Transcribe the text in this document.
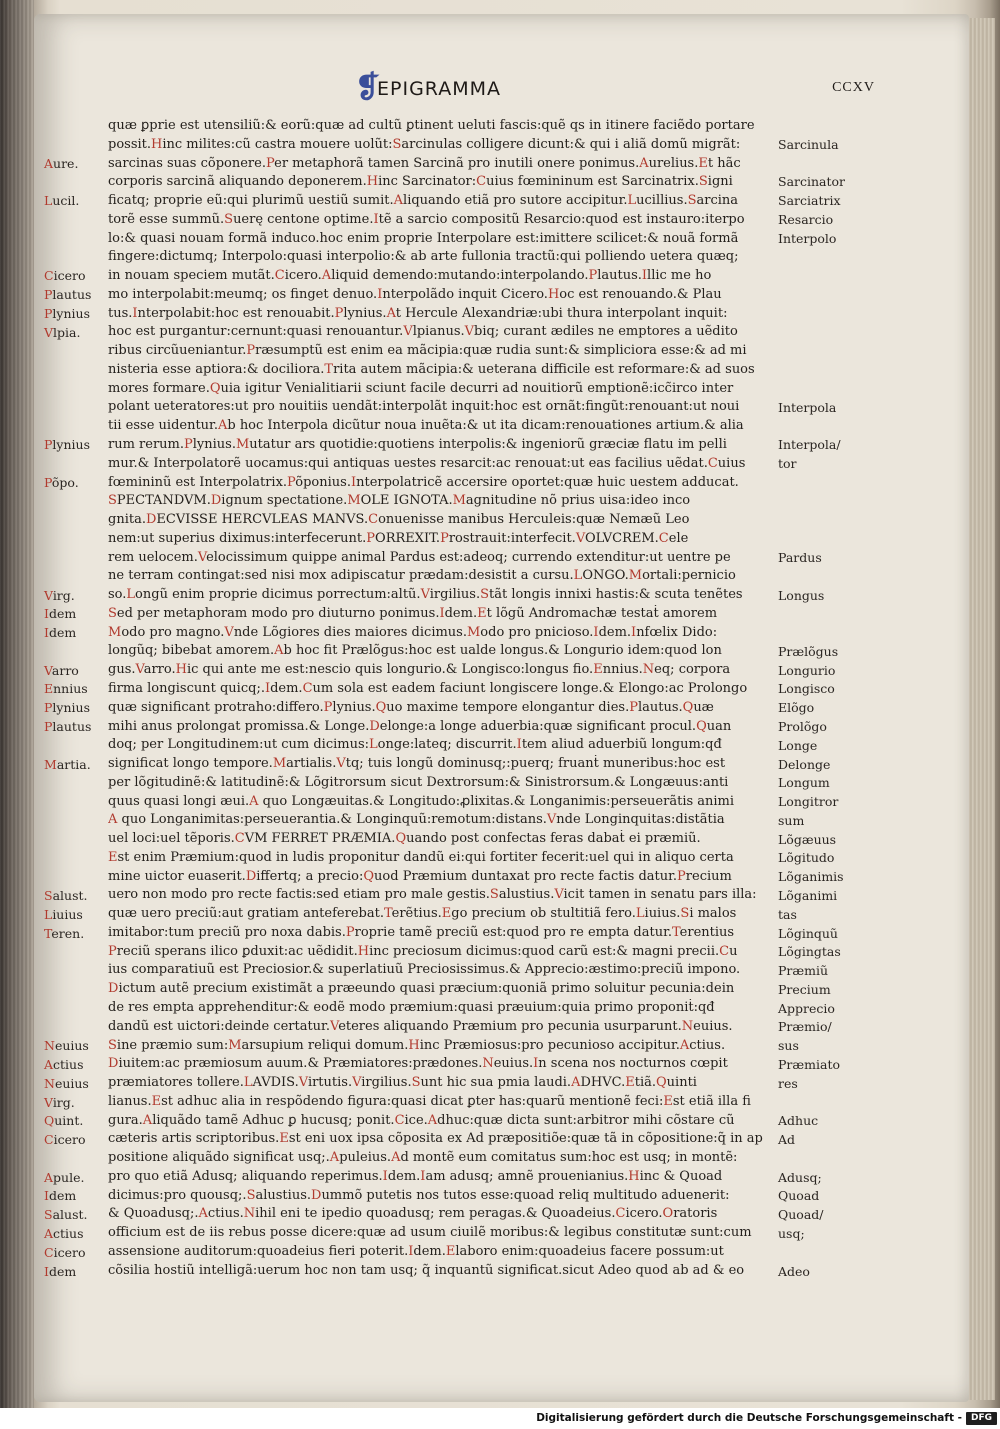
❡
EPIGRAMMA	CCXV
Aure.
Lucil.
Cicero
Plautus
Plynius
Vlpia.
Plynius
Põpo.
Virg.
Idem
Idem
Varro
Ennius
Plynius
Plautus
Martia.
Salust.
Liuius
Teren.
Neuius
Actius
Neuius
Virg.
Quint.
Cicero
Apule.
Idem
Salust.
Actius
Cicero
Idem
quæ ꝑprie est utensiliũ:& eorũ:quæ ad cultũ ꝑtinent ueluti fascis:quẽ qs in itinere faciẽdo portare
possit.Hinc milites:cũ castra mouere uolũt:Sarcinulas colligere dicunt:& qui i aliã domũ migrãt:
sarcinas suas cõponere.Per metaphorã tamen Sarcinã pro inutili onere ponimus.Aurelius.Et hãc
corporis sarcinã aliquando deponerem.Hinc Sarcinator:Cuius fœmininum est Sarcinatrix.Signi
ficatq; proprie eũ:qui plurimũ uestiũ sumit.Aliquando etiã pro sutore accipitur.Lucillius.Sarcina
torẽ esse summũ.Suerę centone optime.Itẽ a sarcio compositũ Resarcio:quod est instauro:iterpo
lo:& quasi nouam formã induco.hoc enim proprie Interpolare est:imittere scilicet:& nouã formã
fingere:dictumq; Interpolo:quasi interpolio:& ab arte fullonia tractũ:qui polliendo uetera quæq;
in nouam speciem mutãt.Cicero.Aliquid demendo:mutando:interpolando.Plautus.Illic me ho
mo interpolabit:meumq; os finget denuo.Interpolãdo inquit Cicero.Hoc est renouando.& Plau
tus.Interpolabit:hoc est renouabit.Plynius.At Hercule Alexandriæ:ubi thura interpolant inquit:
hoc est purgantur:cernunt:quasi renouantur.Vlpianus.Vbiq; curant ædiles ne emptores a uẽdito
ribus circũueniantur.Præsumptũ est enim ea mãcipia:quæ rudia sunt:& simpliciora esse:& ad mi
nisteria esse aptiora:& dociliora.Trita autem mãcipia:& ueterana difficile est reformare:& ad suos
mores formare.Quia igitur Venialitiarii sciunt facile decurri ad nouitiorũ emptionẽ:icc̃irco inter
polant ueteratores:ut pro nouitiis uendãt:interpolãt inquit:hoc est ornãt:fingũt:renouant:ut noui
tii esse uidentur.Ab hoc Interpola dicũtur noua inuẽta:& ut ita dicam:renouationes artium.& alia
rum rerum.Plynius.Mutatur ars quotidie:quotiens interpolis:& ingeniorũ græciæ flatu im pelli
mur.& Interpolatorẽ uocamus:qui antiquas uestes resarcit:ac renouat:ut eas facilius uẽdat.Cuius
fœmininũ est Interpolatrix.Põponius.Interpolatricẽ accersire oportet:quæ huic uestem adducat.
SPECTANDVM.Dignum spectatione.MOLE IGNOTA.Magnitudine nõ prius uisa:ideo inco
gnita.DECVISSE HERCVLEAS MANVS.Conuenisse manibus Herculeis:quæ Nemæũ Leo
nem:ut superius diximus:interfecerunt.PORREXIT.Prostrauit:interfecit.VOLVCREM.Cele
rem uelocem.Velocissimum quippe animal Pardus est:adeoq; currendo extenditur:ut uentre pe
ne terram contingat:sed nisi mox adipiscatur prædam:desistit a cursu.LONGO.Mortali:pernicio
so.Longũ enim proprie dicimus porrectum:altũ.Virgilius.Stãt longis innixi hastis:& scuta tenẽtes
Sed per metaphoram modo pro diuturno ponimus.Idem.Et lõgũ Andromachæ testaṫ amorem
Modo pro magno.Vnde Lõgiores dies maiores dicimus.Modo pro pnicioso.Idem.Infœlix Dido:
longũq; bibebat amorem.Ab hoc fit Prælõgus:hoc est ualde longus.& Longurio idem:quod lon
gus.Varro.Hic qui ante me est:nescio quis longurio.& Longisco:longus fio.Ennius.Neq; corpora
firma longiscunt quicq;.Idem.Cum sola est eadem faciunt longiscere longe.& Elongo:ac Prolongo
quæ significant protraho:differo.Plynius.Quo maxime tempore elongantur dies.Plautus.Quæ
mihi anus prolongat promissa.& Longe.Delonge:a longe aduerbia:quæ significant procul.Quan
doq; per Longitudinem:ut cum dicimus:Longe:lateq; discurrit.Item aliud aduerbiũ longum:qđ
significat longo tempore.Martialis.Vtq; tuis longũ dominusq;:puerq; fruanṫ muneribus:hoc est
per lõgitudinẽ:& latitudinẽ:& Lõgitrorsum sicut Dextrorsum:& Sinistrorsum.& Longæuus:anti
quus quasi longi æui.A quo Longæuitas.& Longitudo:ꝓlixitas.& Longanimis:perseuerãtis animi
A quo Longanimitas:perseuerantia.& Longinquũ:remotum:distans.Vnde Longinquitas:distãtia
uel loci:uel tẽporis.CVM FERRET PRÆMIA.Quando post confectas feras dabaṫ ei præmiũ.
Est enim Præmium:quod in ludis proponitur dandũ ei:qui fortiter fecerit:uel qui in aliquo certa
mine uictor euaserit.Differtq; a precio:Quod Præmium duntaxat pro recte factis datur.Precium
uero non modo pro recte factis:sed etiam pro male gestis.Salustius.Vicit tamen in senatu pars illa:
quæ uero preciũ:aut gratiam anteferebat.Terẽtius.Ego precium ob stultitiã fero.Liuius.Si malos
imitabor:tum preciũ pro noxa dabis.Proprie tamẽ preciũ est:quod pro re empta datur.Terentius
Preciũ sperans ilico ꝑduxit:ac uẽdidit.Hinc preciosum dicimus:quod carũ est:& magni precii.Cu
ius comparatiuũ est Preciosior.& superlatiuũ Preciosissimus.& Apprecio:æstimo:preciũ impono.
Dictum autẽ precium existimãt a præeundo quasi præcium:quoniã primo soluitur pecunia:dein
de res empta apprehenditur:& eodẽ modo præmium:quasi præuium:quia primo proponiṫ:qđ
dandũ est uictori:deinde certatur.Veteres aliquando Præmium pro pecunia usurparunt.Neuius.
Sine præmio sum:Marsupium reliqui domum.Hinc Præmiosus:pro pecunioso accipitur.Actius.
Diuitem:ac præmiosum auum.& Præmiatores:prædones.Neuius.In scena nos nocturnos cœpit
præmiatores tollere.LAVDIS.Virtutis.Virgilius.Sunt hic sua pmia laudi.ADHVC.Etiã.Quinti
lianus.Est adhuc alia in respõdendo figura:quasi dicat ꝑter has:quarũ mentionẽ feci:Est etiã illa fi
gura.Aliquãdo tamẽ Adhuc ꝑ hucusq; ponit.Cice.Adhuc:quæ dicta sunt:arbitror mihi cõstare cũ
cæteris artis scriptoribus.Est eni uox ipsa cõposita ex Ad præpositiõe:quæ tã in cõpositione:q̃ in ap
positione aliquãdo significat usq;.Apuleius.Ad montẽ eum comitatus sum:hoc est usq; in montẽ:
pro quo etiã Adusq; aliquando reperimus.Idem.Iam adusq; amnẽ prouenianius.Hinc & Quoad
dicimus:pro quousq;.Salustius.Dummõ putetis nos tutos esse:quoad reliq multitudo aduenerit:
& Quoadusq;.Actius.Nihil eni te ipedio quoadusq; rem peragas.& Quoadeius.Cicero.Oratoris
officium est de iis rebus posse dicere:quæ ad usum ciuilẽ moribus:& legibus constitutæ sunt:cum
assensione auditorum:quoadeius fieri poterit.Idem.Elaboro enim:quoadeius facere possum:ut
cõsilia hostiũ intelligã:uerum hoc non tam usq; q̃ inquantũ significat.sicut Adeo quod ab ad & eo
Sarcinula
Sarcinator
Sarciatrix
Resarcio
Interpolo
Interpola
Interpola/
tor
Pardus
Longus
Prælõgus
Longurio
Longisco
Elõgo
Prolõgo
Longe
Delonge
Longum
Longitror
sum
Lõgæuus
Lõgitudo
Lõganimis
Lõganimi
tas
Lõginquũ
Lõgingtas
Præmiũ
Precium
Apprecio
Præmio/
sus
Præmiato
res
Adhuc
Ad
Adusq;
Quoad
Quoad/
usq;
Adeo
Digitalisierung gefördert durch die Deutsche Forschungsgemeinschaft - DFG
